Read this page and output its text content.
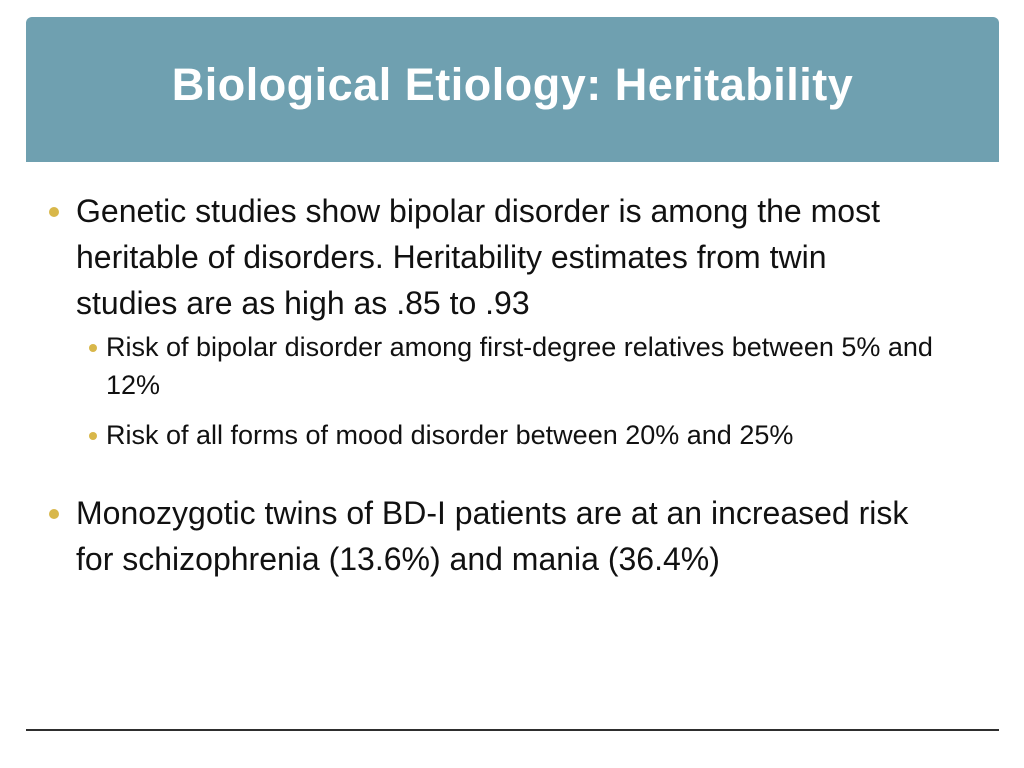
Biological Etiology: Heritability
Genetic studies show bipolar disorder is among the most heritable of disorders. Heritability estimates from twin studies are as high as .85 to .93
Risk of bipolar disorder among first-degree relatives between 5% and 12%
Risk of all forms of mood disorder between 20% and 25%
Monozygotic twins of BD-I patients are at an increased risk for schizophrenia (13.6%) and mania (36.4%)
